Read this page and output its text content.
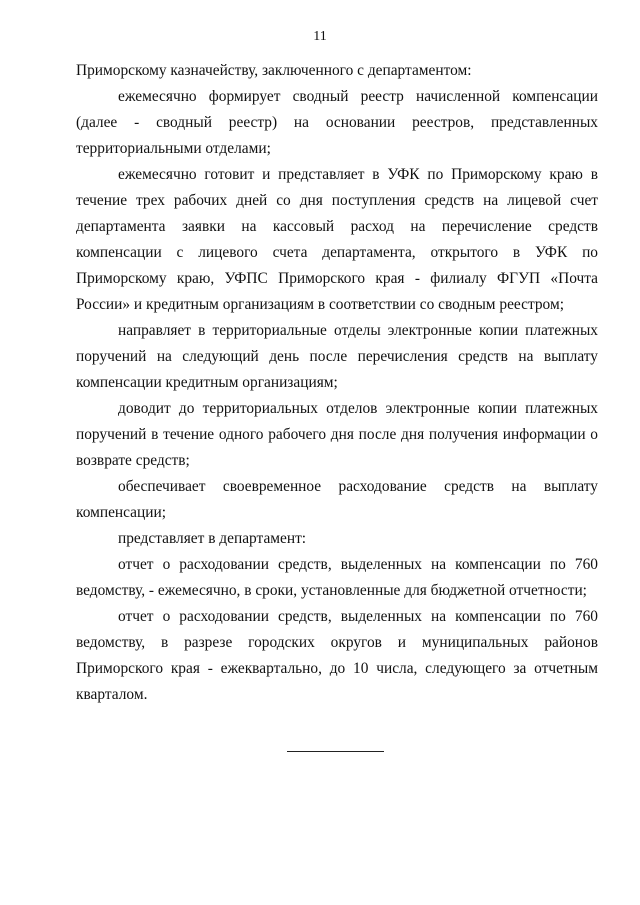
11

Приморскому казначейству, заключенного с департаментом:

ежемесячно формирует сводный реестр начисленной компенсации (далее - сводный реестр) на основании реестров, представленных территориальными отделами;

ежемесячно готовит и представляет в УФК по Приморскому краю в течение трех рабочих дней со дня поступления средств на лицевой счет департамента заявки на кассовый расход на перечисление средств компенсации с лицевого счета департамента, открытого в УФК по Приморскому краю, УФПС Приморского края - филиалу ФГУП «Почта России» и кредитным организациям в соответствии со сводным реестром;

направляет в территориальные отделы электронные копии платежных поручений на следующий день после перечисления средств на выплату компенсации кредитным организациям;

доводит до территориальных отделов электронные копии платежных поручений в течение одного рабочего дня после дня получения информации о возврате средств;

обеспечивает своевременное расходование средств на выплату компенсации;

представляет в департамент:

отчет о расходовании средств, выделенных на компенсации по 760 ведомству, - ежемесячно, в сроки, установленные для бюджетной отчетности;

отчет о расходовании средств, выделенных на компенсации по 760 ведомству, в разрезе городских округов и муниципальных районов Приморского края - ежеквартально, до 10 числа, следующего за отчетным кварталом.
